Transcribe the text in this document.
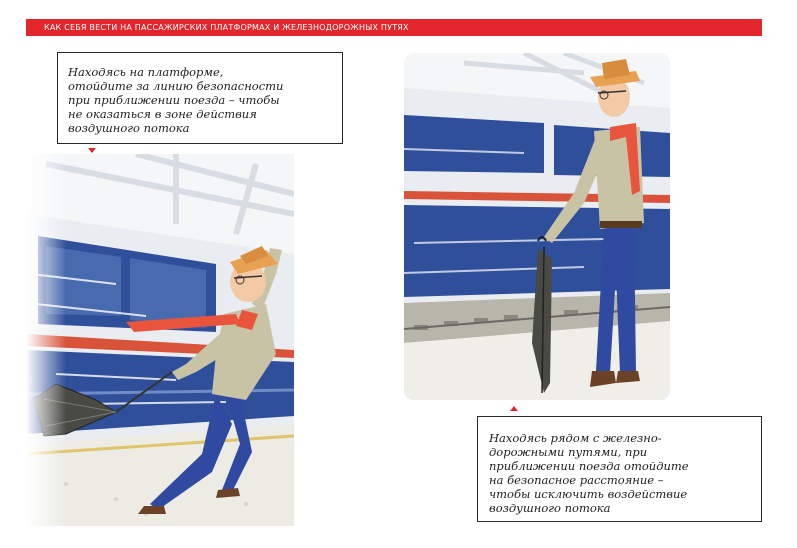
КАК СЕБЯ ВЕСТИ НА ПАССАЖИРСКИХ ПЛАТФОРМАХ И ЖЕЛЕЗНОДОРОЖНЫХ ПУТЯХ

Находясь на платформе,

отойдите за линию безопасности

при приближении поезда – чтобы

не оказаться в зоне действия

воздушного потока

Находясь рядом с железно-

дорожными путями, при

приближении поезда отойдите

на безопасное расстояние –

чтобы исключить воздействие

воздушного потока
